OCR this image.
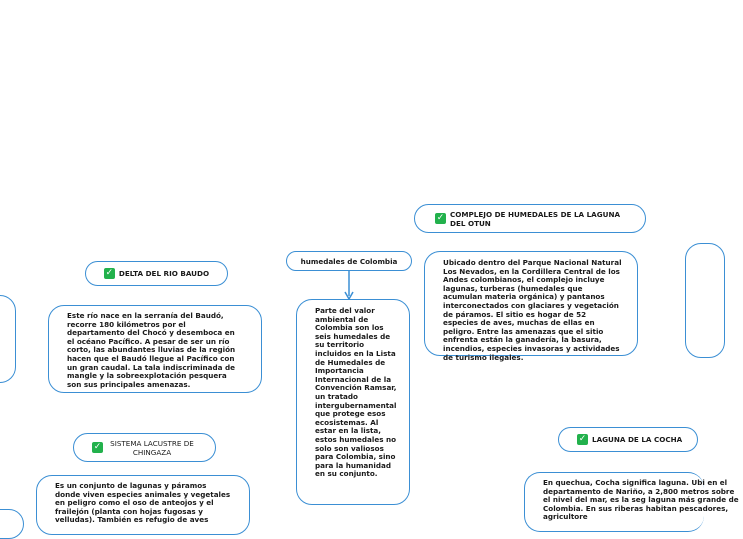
humedales de Colombia
Parte del valor ambiental de Colombia son los seis humedales de su territorio incluidos en la Lista de Humedales de Importancia Internacional de la Convención Ramsar, un tratado intergubernamental que protege esos ecosistemas. Al estar en la lista, estos humedales no solo son valiosos para Colombia, sino para la humanidad en su conjunto.
✓ DELTA DEL RIO BAUDO
Este río nace en la serranía del Baudó, recorre 180 kilómetros por el departamento del Chocó y desemboca en el océano Pacífico. A pesar de ser un río corto, las abundantes lluvias de la región hacen que el Baudó llegue al Pacífico con un gran caudal. La tala indiscriminada de mangle y la sobreexplotación pesquera son sus principales amenazas.
✓ COMPLEJO DE HUMEDALES DE LA LAGUNA DEL OTUN
Ubicado dentro del Parque Nacional Natural Los Nevados, en la Cordillera Central de los Andes colombianos, el complejo incluye lagunas, turberas (humedales que acumulan materia orgánica) y pantanos interconectados con glaciares y vegetación de páramos. El sitio es hogar de 52 especies de aves, muchas de ellas en peligro. Entre las amenazas que el sitio enfrenta están la ganadería, la basura, incendios, especies invasoras y actividades de turismo ilegales.
✓	SISTEMA LACUSTRE DE CHINGAZA
Es un conjunto de lagunas y páramos donde viven especies animales y vegetales en peligro como el oso de anteojos y el frailejón (planta con hojas fugosas y velludas). También es refugio de aves
✓ LAGUNA DE LA COCHA
En quechua, Cocha significa laguna. Ubi en el departamento de Nariño, a 2,800 metros sobre el nivel del mar, es la seg laguna más grande de Colombia. En sus riberas habitan pescadores, agricultore
